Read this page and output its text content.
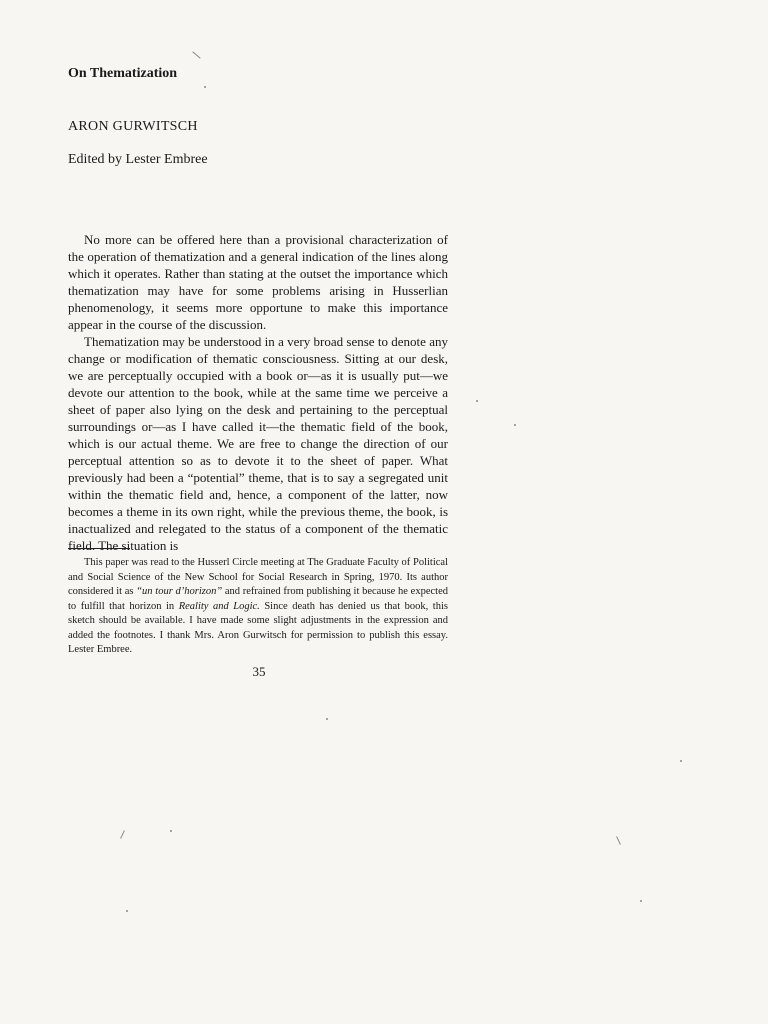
On Thematization
ARON GURWITSCH
Edited by Lester Embree

No more can be offered here than a provisional characterization of the operation of thematization and a general indication of the lines along which it operates. Rather than stating at the outset the importance which thematization may have for some problems arising in Husserlian phenomenology, it seems more opportune to make this importance appear in the course of the discussion.

Thematization may be understood in a very broad sense to denote any change or modification of thematic consciousness. Sitting at our desk, we are perceptually occupied with a book or—as it is usually put—we devote our attention to the book, while at the same time we perceive a sheet of paper also lying on the desk and pertaining to the perceptual surroundings or—as I have called it—the thematic field of the book, which is our actual theme. We are free to change the direction of our perceptual attention so as to devote it to the sheet of paper. What previously had been a “potential” theme, that is to say a segregated unit within the thematic field and, hence, a component of the latter, now becomes a theme in its own right, while the previous theme, the book, is inactualized and relegated to the status of a component of the thematic field. The situation is

This paper was read to the Husserl Circle meeting at The Graduate Faculty of Political and Social Science of the New School for Social Research in Spring, 1970. Its author considered it as “un tour d’horizon” and refrained from publishing it because he expected to fulfill that horizon in Reality and Logic. Since death has denied us that book, this sketch should be available. I have made some slight adjustments in the expression and added the footnotes. I thank Mrs. Aron Gurwitsch for permission to publish this essay. Lester Embree.

35
